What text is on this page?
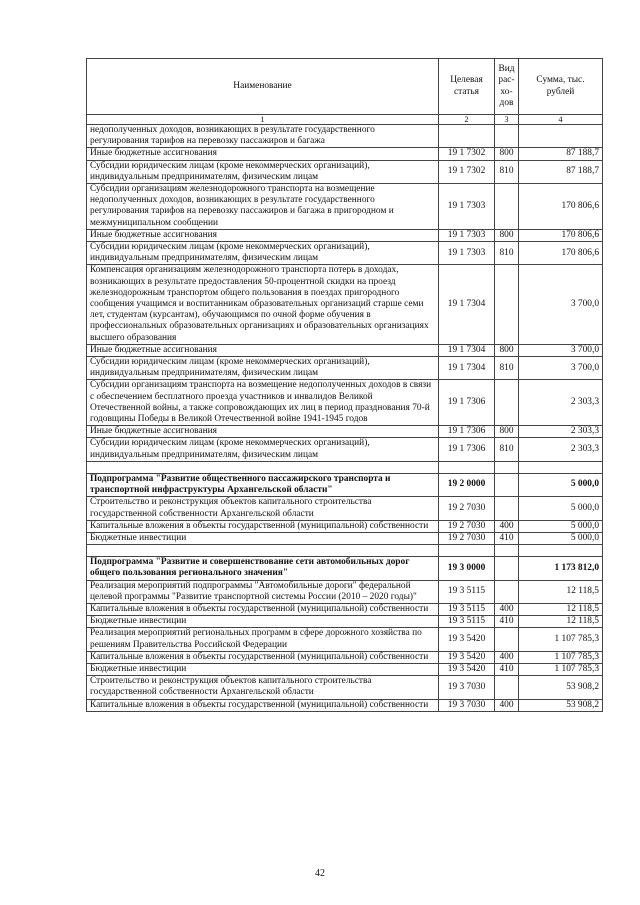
Наименование	Целевая статья	Вид рас-хо-дов	Сумма, тыс. рублей
1	2	3	4
недополученных доходов, возникающих в результате государственного регулирования тарифов на перевозку пассажиров и багажа			
Иные бюджетные ассигнования	19 1 7302	800	87 188,7
Субсидии юридическим лицам (кроме некоммерческих организаций), индивидуальным предпринимателям, физическим лицам	19 1 7302	810	87 188,7
Субсидии организациям железнодорожного транспорта на возмещение недополученных доходов, возникающих в результате государственного регулирования тарифов на перевозку пассажиров и багажа в пригородном и межмуниципальном сообщении	19 1 7303		170 806,6
Иные бюджетные ассигнования	19 1 7303	800	170 806,6
Субсидии юридическим лицам (кроме некоммерческих организаций), индивидуальным предпринимателям, физическим лицам	19 1 7303	810	170 806,6
Компенсация организациям железнодорожного транспорта потерь в доходах, возникающих в результате предоставления 50-процентной скидки на проезд железнодорожным транспортом общего пользования в поездах пригородного сообщения учащимся и воспитанникам образовательных организаций старше семи лет, студентам (курсантам), обучающимся по очной форме обучения в профессиональных образовательных организациях и образовательных организациях высшего образования	19 1 7304		3 700,0
Иные бюджетные ассигнования	19 1 7304	800	3 700,0
Субсидии юридическим лицам (кроме некоммерческих организаций), индивидуальным предпринимателям, физическим лицам	19 1 7304	810	3 700,0
Субсидии организациям транспорта на возмещение недополученных доходов в связи с обеспечением бесплатного проезда участников и инвалидов Великой Отечественной войны, а также сопровождающих их лиц в период празднования 70-й годовщины Победы в Великой Отечественной войне 1941-1945 годов	19 1 7306		2 303,3
Иные бюджетные ассигнования	19 1 7306	800	2 303,3
Субсидии юридическим лицам (кроме некоммерческих организаций), индивидуальным предпринимателям, физическим лицам	19 1 7306	810	2 303,3

Подпрограмма "Развитие общественного пассажирского транспорта и транспортной инфраструктуры Архангельской области"	19 2 0000		5 000,0
Строительство и реконструкция объектов капитального строительства государственной собственности Архангельской области	19 2 7030		5 000,0
Капитальные вложения в объекты государственной (муниципальной) собственности	19 2 7030	400	5 000,0
Бюджетные инвестиции	19 2 7030	410	5 000,0

Подпрограмма "Развитие и совершенствование сети автомобильных дорог общего пользования регионального значения"	19 3 0000		1 173 812,0
Реализация мероприятий подпрограммы "Автомобильные дороги" федеральной целевой программы "Развитие транспортной системы России (2010 – 2020 годы)"	19 3 5115		12 118,5
Капитальные вложения в объекты государственной (муниципальной) собственности	19 3 5115	400	12 118,5
Бюджетные инвестиции	19 3 5115	410	12 118,5
Реализация мероприятий региональных программ в сфере дорожного хозяйства по решениям Правительства Российской Федерации	19 3 5420		1 107 785,3
Капитальные вложения в объекты государственной (муниципальной) собственности	19 3 5420	400	1 107 785,3
Бюджетные инвестиции	19 3 5420	410	1 107 785,3
Строительство и реконструкция объектов капитального строительства государственной собственности Архангельской области	19 3 7030		53 908,2
Капитальные вложения в объекты государственной (муниципальной) собственности	19 3 7030	400	53 908,2
42
